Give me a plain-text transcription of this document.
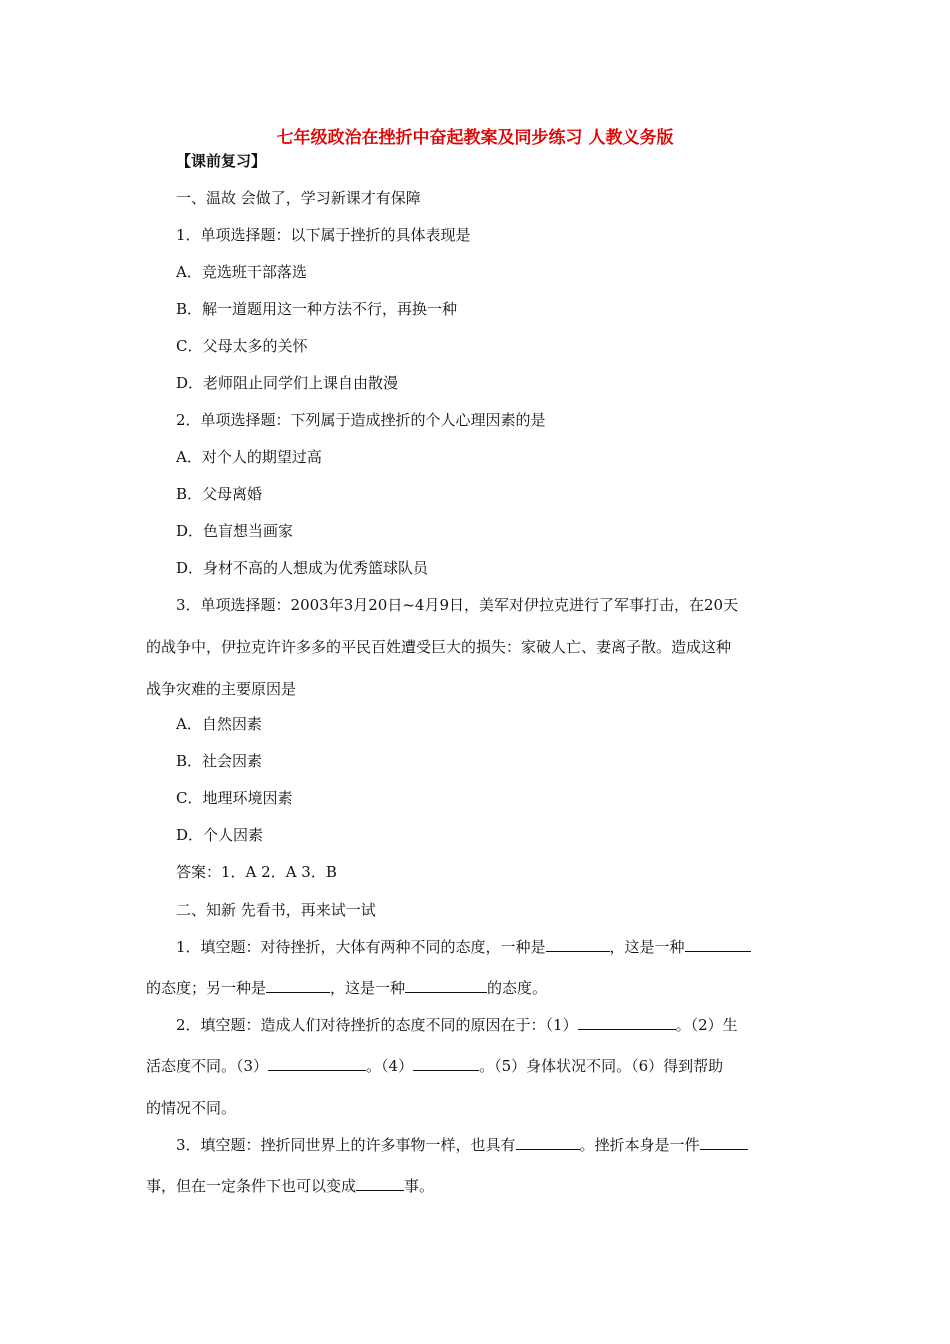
七年级政治在挫折中奋起教案及同步练习 人教义务版
【课前复习】
一、温故 会做了，学习新课才有保障
1．单项选择题：以下属于挫折的具体表现是
A．竞选班干部落选
B．解一道题用这一种方法不行，再换一种
C．父母太多的关怀
D．老师阻止同学们上课自由散漫
2．单项选择题：下列属于造成挫折的个人心理因素的是
A．对个人的期望过高
B．父母离婚
D．色盲想当画家
D．身材不高的人想成为优秀篮球队员
3．单项选择题：2003年3月20日~4月9日，美军对伊拉克进行了军事打击，在20天
的战争中，伊拉克许许多多的平民百姓遭受巨大的损失：家破人亡、妻离子散。造成这种
战争灾难的主要原因是
A．自然因素
B．社会因素
C．地理环境因素
D．个人因素
答案：1．A 2．A 3．B
二、知新 先看书，再来试一试
1．填空题：对待挫折，大体有两种不同的态度，一种是	，这是一种
的态度；另一种是	，这是一种	的态度。
2．填空题：造成人们对待挫折的态度不同的原因在于：（1）	。（2）生
活态度不同。（3）	。（4）	。（5）身体状况不同。（6）得到帮助
的情况不同。
3．填空题：挫折同世界上的许多事物一样，也具有	。挫折本身是一件
事，但在一定条件下也可以变成	事。
